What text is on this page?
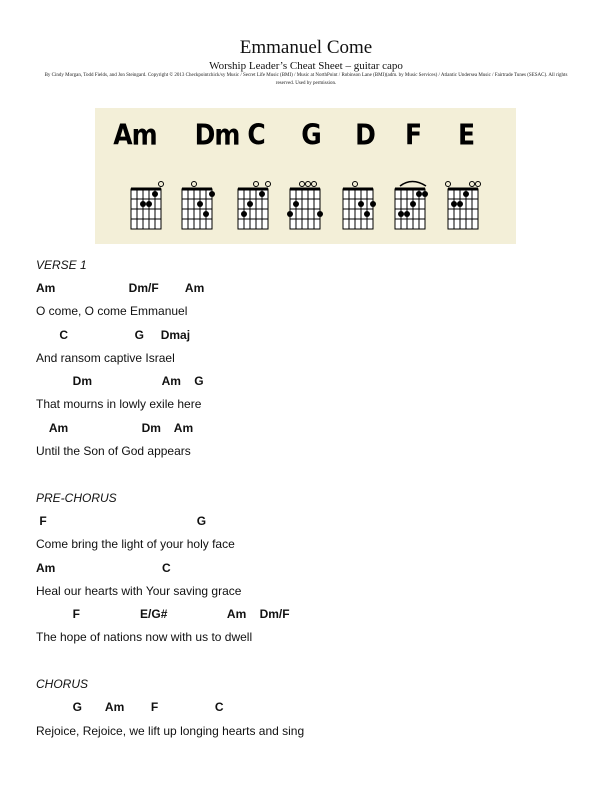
Emmanuel Come
Worship Leader’s Cheat Sheet – guitar capo
By Cindy Morgan, Todd Fields, and Jon Steingard. Copyright © 2013 Checkpointchick/sy Music / Secret Life Music (BMI) / Music at NorthPoint / Robinson Lane (BMI)(adm. by Music Services) / Atlantic Undersea Music / Fairtrade Tunes (SESAC). All rights reserved. Used by permission.
Am Dm C	G	D	F	E
VERSE 1
Am                      Dm/F        Am
O come, O come Emmanuel
C                    G     Dmaj
And ransom captive Israel
Dm                     Am    G
That mourns in lowly exile here
Am                      Dm    Am
Until the Son of God appears
PRE-CHORUS
F                                             G
Come bring the light of your holy face
Am                                C
Heal our hearts with Your saving grace
F                  E/G#                  Am    Dm/F
The hope of nations now with us to dwell
CHORUS
G       Am        F                 C
Rejoice, Rejoice, we lift up longing hearts and sing
